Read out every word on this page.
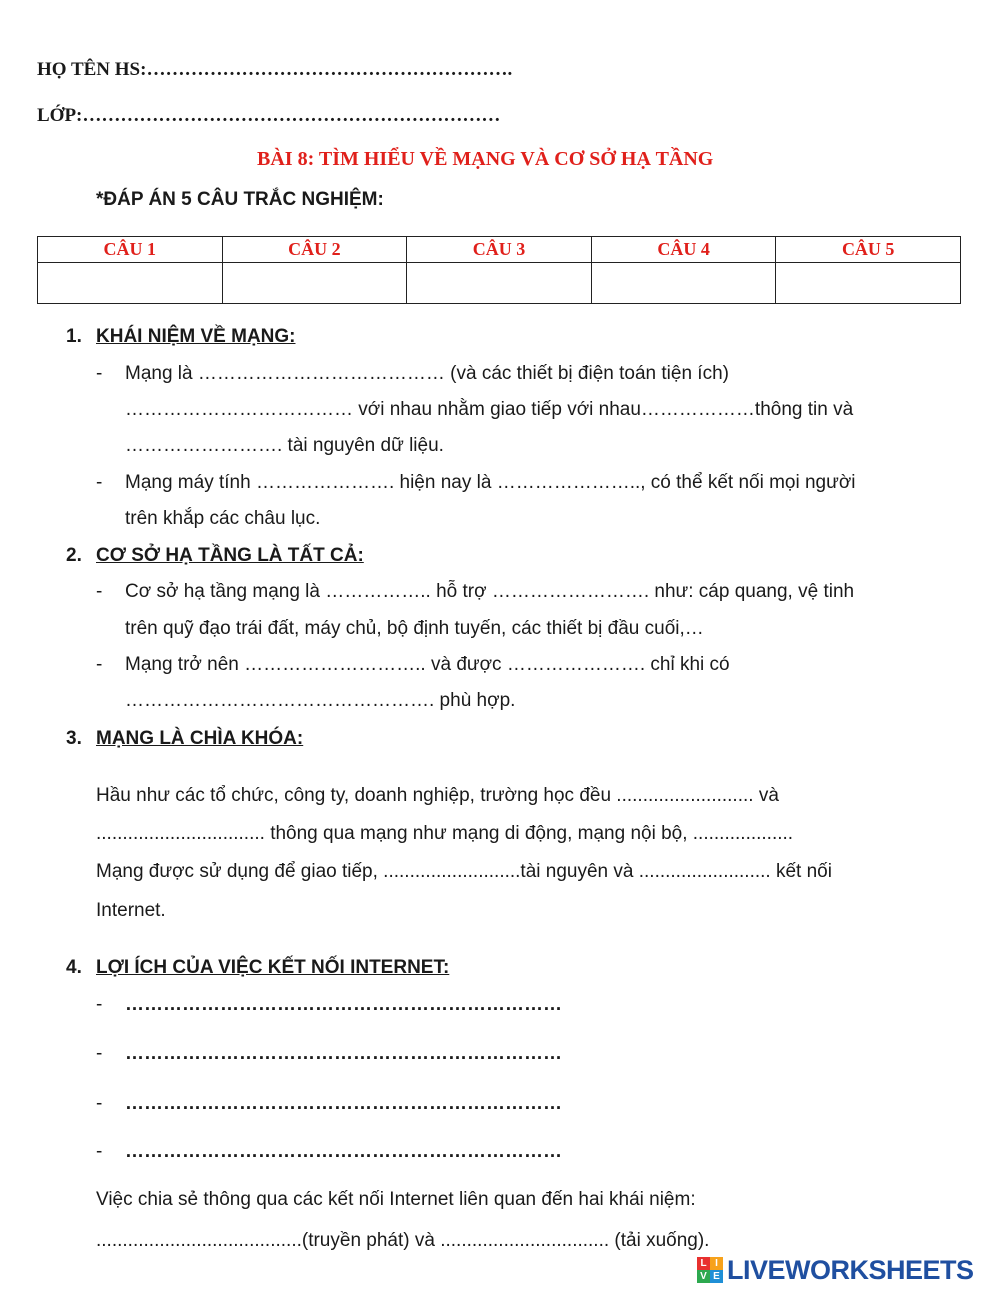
HỌ TÊN HS:………………………………………………….
LỚP:…………………………………………………………
BÀI 8: TÌM HIỂU VỀ MẠNG VÀ CƠ SỞ HẠ TẦNG
*ĐÁP ÁN 5 CÂU TRẮC NGHIỆM:
CÂU 1	CÂU 2	CÂU 3	CÂU 4	CÂU 5

1. KHÁI NIỆM VỀ MẠNG:
- Mạng là ………………………………… (và các thiết bị điện toán tiện ích)
……………………………… với nhau nhằm giao tiếp với nhau………………thông tin và
……………………. tài nguyên dữ liệu.
- Mạng máy tính …………………. hiện nay là ………………….., có thể kết nối mọi người
trên khắp các châu lục.
2. CƠ SỞ HẠ TẦNG LÀ TẤT CẢ:
- Cơ sở hạ tầng mạng là …………….. hỗ trợ ……………………. như: cáp quang, vệ tinh
trên quỹ đạo trái đất, máy chủ, bộ định tuyến, các thiết bị đầu cuối,…
- Mạng trở nên ……………………….. và được …………………. chỉ khi có
…………………………………………. phù hợp.
3. MẠNG LÀ CHÌA KHÓA:
Hầu như các tổ chức, công ty, doanh nghiệp, trường học đều .......................... và
................................ thông qua mạng như mạng di động, mạng nội bộ, ...................
Mạng được sử dụng để giao tiếp, ..........................tài nguyên và ......................... kết nối
Internet.
4. LỢI ÍCH CỦA VIỆC KẾT NỐI INTERNET:
- ……………………………………………………………
- ……………………………………………………………
- ……………………………………………………………
- ……………………………………………………………
Việc chia sẻ thông qua các kết nối Internet liên quan đến hai khái niệm:
.......................................(truyền phát) và ................................ (tải xuống).
L I
V E LIVEWORKSHEETS
